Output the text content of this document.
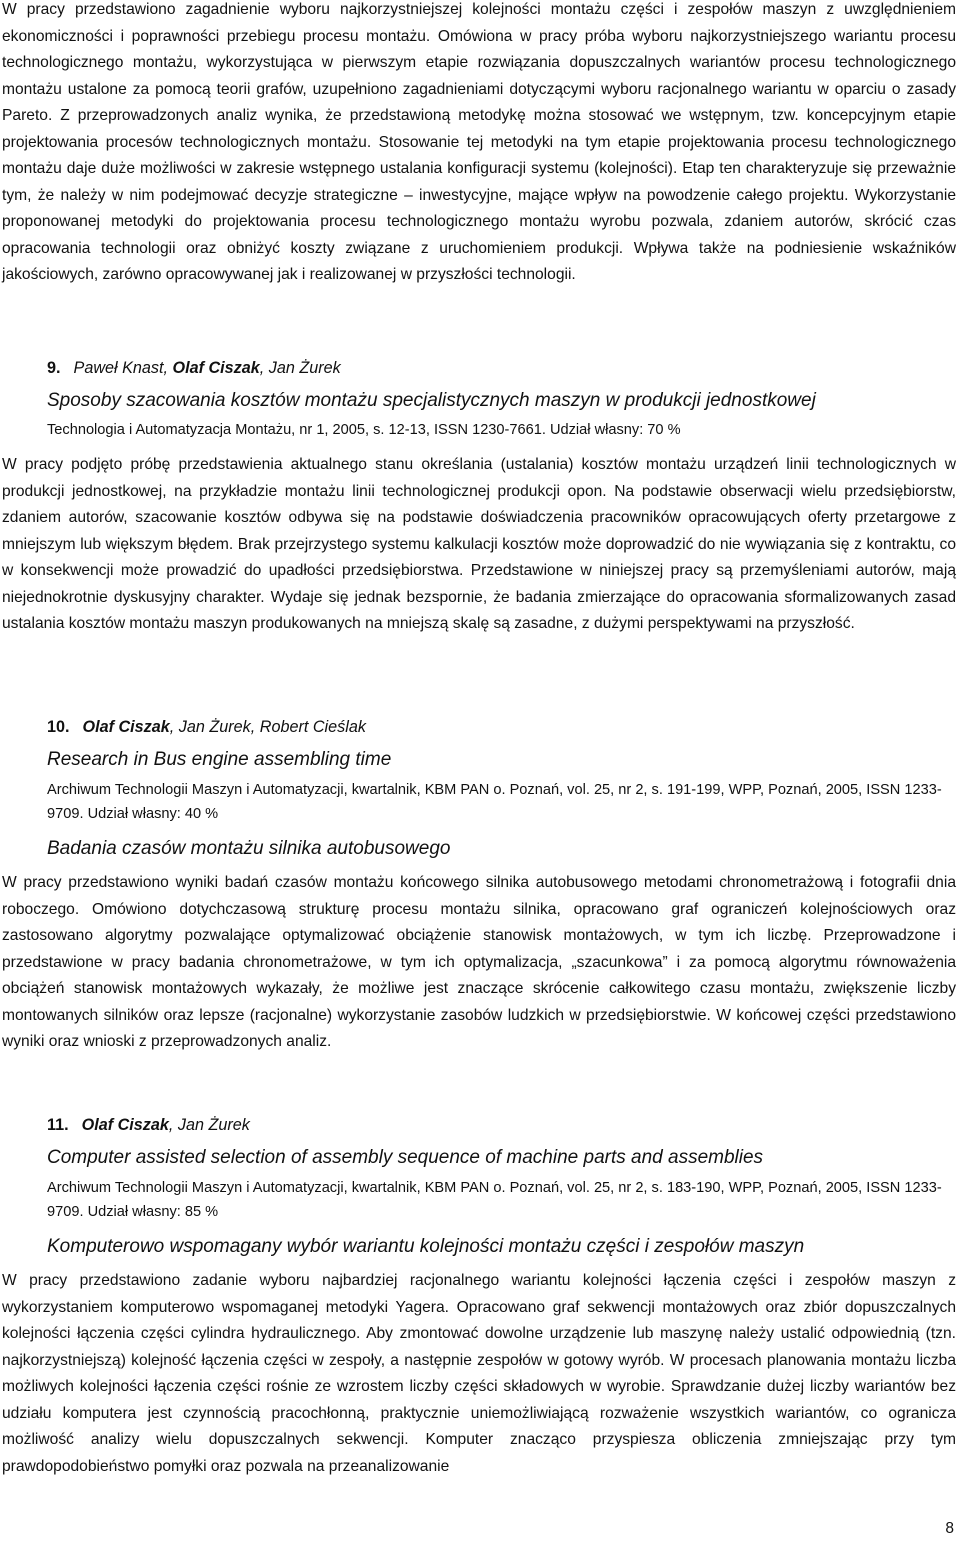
W pracy przedstawiono zagadnienie wyboru najkorzystniejszej kolejności montażu części i zespołów maszyn z uwzględnieniem ekonomiczności i poprawności przebiegu procesu montażu. Omówiona w pracy próba wyboru najkorzystniejszego wariantu procesu technologicznego montażu, wykorzystująca w pierwszym etapie rozwiązania dopuszczalnych wariantów procesu technologicznego montażu ustalone za pomocą teorii grafów, uzupełniono zagadnieniami dotyczącymi wyboru racjonalnego wariantu w oparciu o zasady Pareto. Z przeprowadzonych analiz wynika, że przedstawioną metodykę można stosować we wstępnym, tzw. koncepcyjnym etapie projektowania procesów technologicznych montażu. Stosowanie tej metodyki na tym etapie projektowania procesu technologicznego montażu daje duże możliwości w zakresie wstępnego ustalania konfiguracji systemu (kolejności). Etap ten charakteryzuje się przeważnie tym, że należy w nim podejmować decyzje strategiczne – inwestycyjne, mające wpływ na powodzenie całego projektu. Wykorzystanie proponowanej metodyki do projektowania procesu technologicznego montażu wyrobu pozwala, zdaniem autorów, skrócić czas opracowania technologii oraz obniżyć koszty związane z uruchomieniem produkcji. Wpływa także na podniesienie wskaźników jakościowych, zarówno opracowywanej jak i realizowanej w przyszłości technologii.

9. Paweł Knast, Olaf Ciszak, Jan Żurek

Sposoby szacowania kosztów montażu specjalistycznych maszyn w produkcji jednostkowej

Technologia i Automatyzacja Montażu, nr 1, 2005, s. 12-13, ISSN 1230-7661. Udział własny: 70 %

W pracy podjęto próbę przedstawienia aktualnego stanu określania (ustalania) kosztów montażu urządzeń linii technologicznych w produkcji jednostkowej, na przykładzie montażu linii technologicznej produkcji opon. Na podstawie obserwacji wielu przedsiębiorstw, zdaniem autorów, szacowanie kosztów odbywa się na podstawie doświadczenia pracowników opracowujących oferty przetargowe z mniejszym lub większym błędem. Brak przejrzystego systemu kalkulacji kosztów może doprowadzić do nie wywiązania się z kontraktu, co w konsekwencji może prowadzić do upadłości przedsiębiorstwa. Przedstawione w niniejszej pracy są przemyśleniami autorów, mają niejednokrotnie dyskusyjny charakter. Wydaje się jednak bezspornie, że badania zmierzające do opracowania sformalizowanych zasad ustalania kosztów montażu maszyn produkowanych na mniejszą skalę są zasadne, z dużymi perspektywami na przyszłość.

10. Olaf Ciszak, Jan Żurek, Robert Cieślak

Research in Bus engine assembling time

Archiwum Technologii Maszyn i Automatyzacji, kwartalnik, KBM PAN o. Poznań, vol. 25, nr 2, s. 191-199, WPP, Poznań, 2005, ISSN 1233-9709. Udział własny: 40 %

Badania czasów montażu silnika autobusowego

W pracy przedstawiono wyniki badań czasów montażu końcowego silnika autobusowego metodami chronometrażową i fotografii dnia roboczego. Omówiono dotychczasową strukturę procesu montażu silnika, opracowano graf ograniczeń kolejnościowych oraz zastosowano algorytmy pozwalające optymalizować obciążenie stanowisk montażowych, w tym ich liczbę. Przeprowadzone i przedstawione w pracy badania chronometrażowe, w tym ich optymalizacja, „szacunkowa” i za pomocą algorytmu równoważenia obciążeń stanowisk montażowych wykazały, że możliwe jest znaczące skrócenie całkowitego czasu montażu, zwiększenie liczby montowanych silników oraz lepsze (racjonalne) wykorzystanie zasobów ludzkich w przedsiębiorstwie. W końcowej części przedstawiono wyniki oraz wnioski z przeprowadzonych analiz.

11. Olaf Ciszak, Jan Żurek

Computer assisted selection of assembly sequence of machine parts and assemblies

Archiwum Technologii Maszyn i Automatyzacji, kwartalnik, KBM PAN o. Poznań, vol. 25, nr 2, s. 183-190, WPP, Poznań, 2005, ISSN 1233-9709. Udział własny: 85 %

Komputerowo wspomagany wybór wariantu kolejności montażu części i zespołów maszyn

W pracy przedstawiono zadanie wyboru najbardziej racjonalnego wariantu kolejności łączenia części i zespołów maszyn z wykorzystaniem komputerowo wspomaganej metodyki Yagera. Opracowano graf sekwencji montażowych oraz zbiór dopuszczalnych kolejności łączenia części cylindra hydraulicznego. Aby zmontować dowolne urządzenie lub maszynę należy ustalić odpowiednią (tzn. najkorzystniejszą) kolejność łączenia części w zespoły, a następnie zespołów w gotowy wyrób. W procesach planowania montażu liczba możliwych kolejności łączenia części rośnie ze wzrostem liczby części składowych w wyrobie. Sprawdzanie dużej liczby wariantów bez udziału komputera jest czynnością pracochłonną, praktycznie uniemożliwiającą rozważenie wszystkich wariantów, co ogranicza możliwość analizy wielu dopuszczalnych sekwencji. Komputer znacząco przyspiesza obliczenia zmniejszając przy tym prawdopodobieństwo pomyłki oraz pozwala na przeanalizowanie

8
